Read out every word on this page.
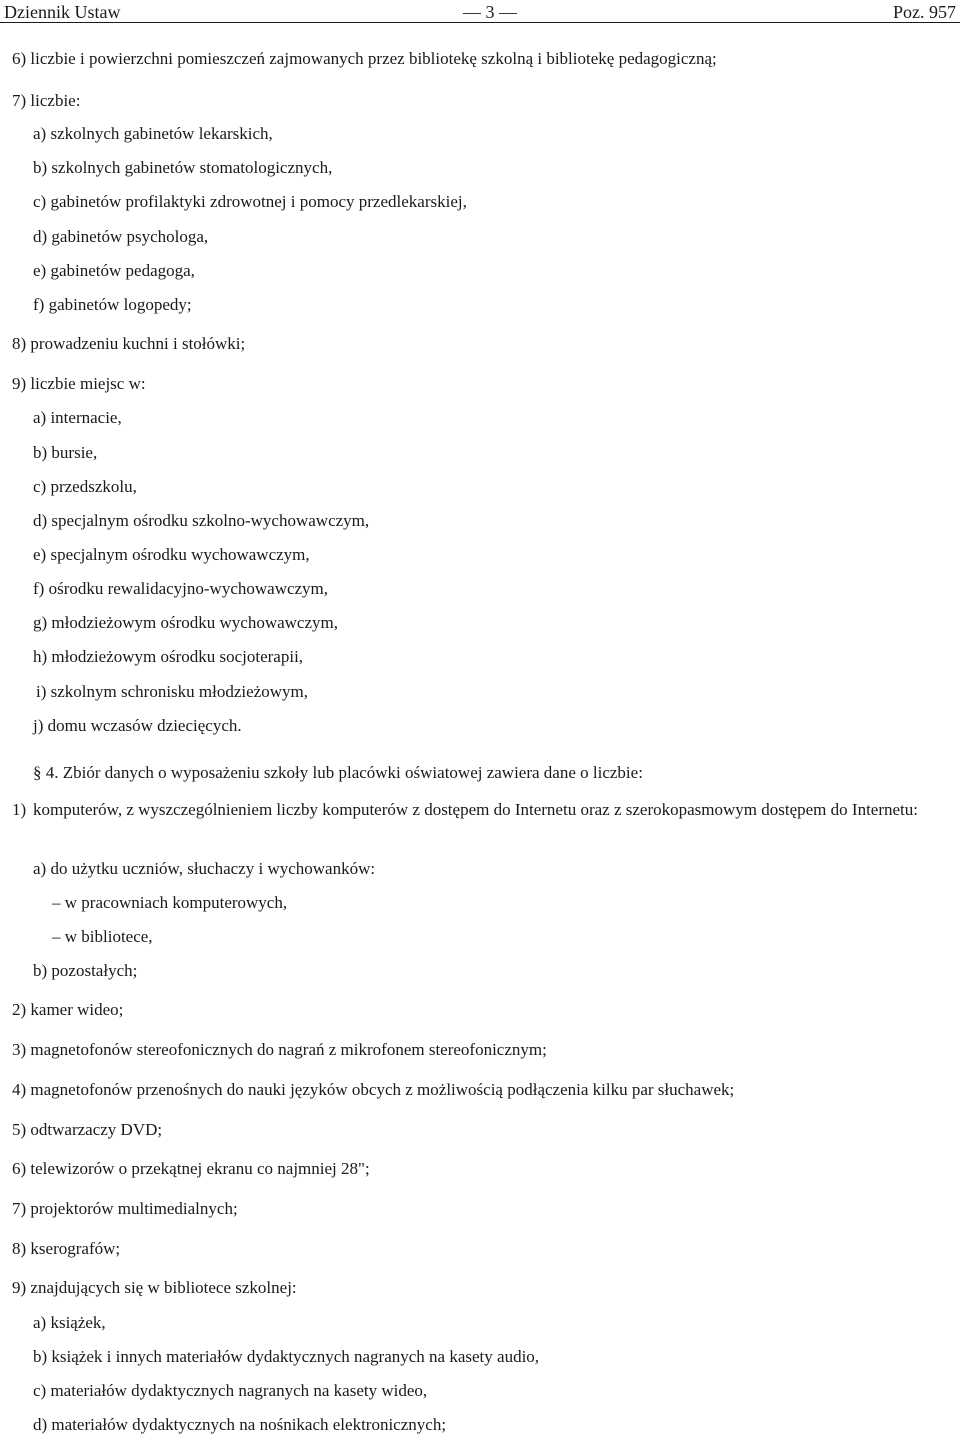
Dziennik Ustaw	— 3 —	Poz. 957
6) liczbie i powierzchni pomieszczeń zajmowanych przez bibliotekę szkolną i bibliotekę pedagogiczną;
7) liczbie:
a) szkolnych gabinetów lekarskich,
b) szkolnych gabinetów stomatologicznych,
c) gabinetów profilaktyki zdrowotnej i pomocy przedlekarskiej,
d) gabinetów psychologa,
e) gabinetów pedagoga,
f) gabinetów logopedy;
8) prowadzeniu kuchni i stołówki;
9) liczbie miejsc w:
a) internacie,
b) bursie,
c) przedszkolu,
d) specjalnym ośrodku szkolno-wychowawczym,
e) specjalnym ośrodku wychowawczym,
f) ośrodku rewalidacyjno-wychowawczym,
g) młodzieżowym ośrodku wychowawczym,
h) młodzieżowym ośrodku socjoterapii,
i) szkolnym schronisku młodzieżowym,
j) domu wczasów dziecięcych.
§ 4. Zbiór danych o wyposażeniu szkoły lub placówki oświatowej zawiera dane o liczbie:
1) komputerów, z wyszczególnieniem liczby komputerów z dostępem do Internetu oraz z szerokopasmowym dostępem do Internetu:
a) do użytku uczniów, słuchaczy i wychowanków:
– w pracowniach komputerowych,
– w bibliotece,
b) pozostałych;
2) kamer wideo;
3) magnetofonów stereofonicznych do nagrań z mikrofonem stereofonicznym;
4) magnetofonów przenośnych do nauki języków obcych z możliwością podłączenia kilku par słuchawek;
5) odtwarzaczy DVD;
6) telewizorów o przekątnej ekranu co najmniej 28";
7) projektorów multimedialnych;
8) kserografów;
9) znajdujących się w bibliotece szkolnej:
a) książek,
b) książek i innych materiałów dydaktycznych nagranych na kasety audio,
c) materiałów dydaktycznych nagranych na kasety wideo,
d) materiałów dydaktycznych na nośnikach elektronicznych;
